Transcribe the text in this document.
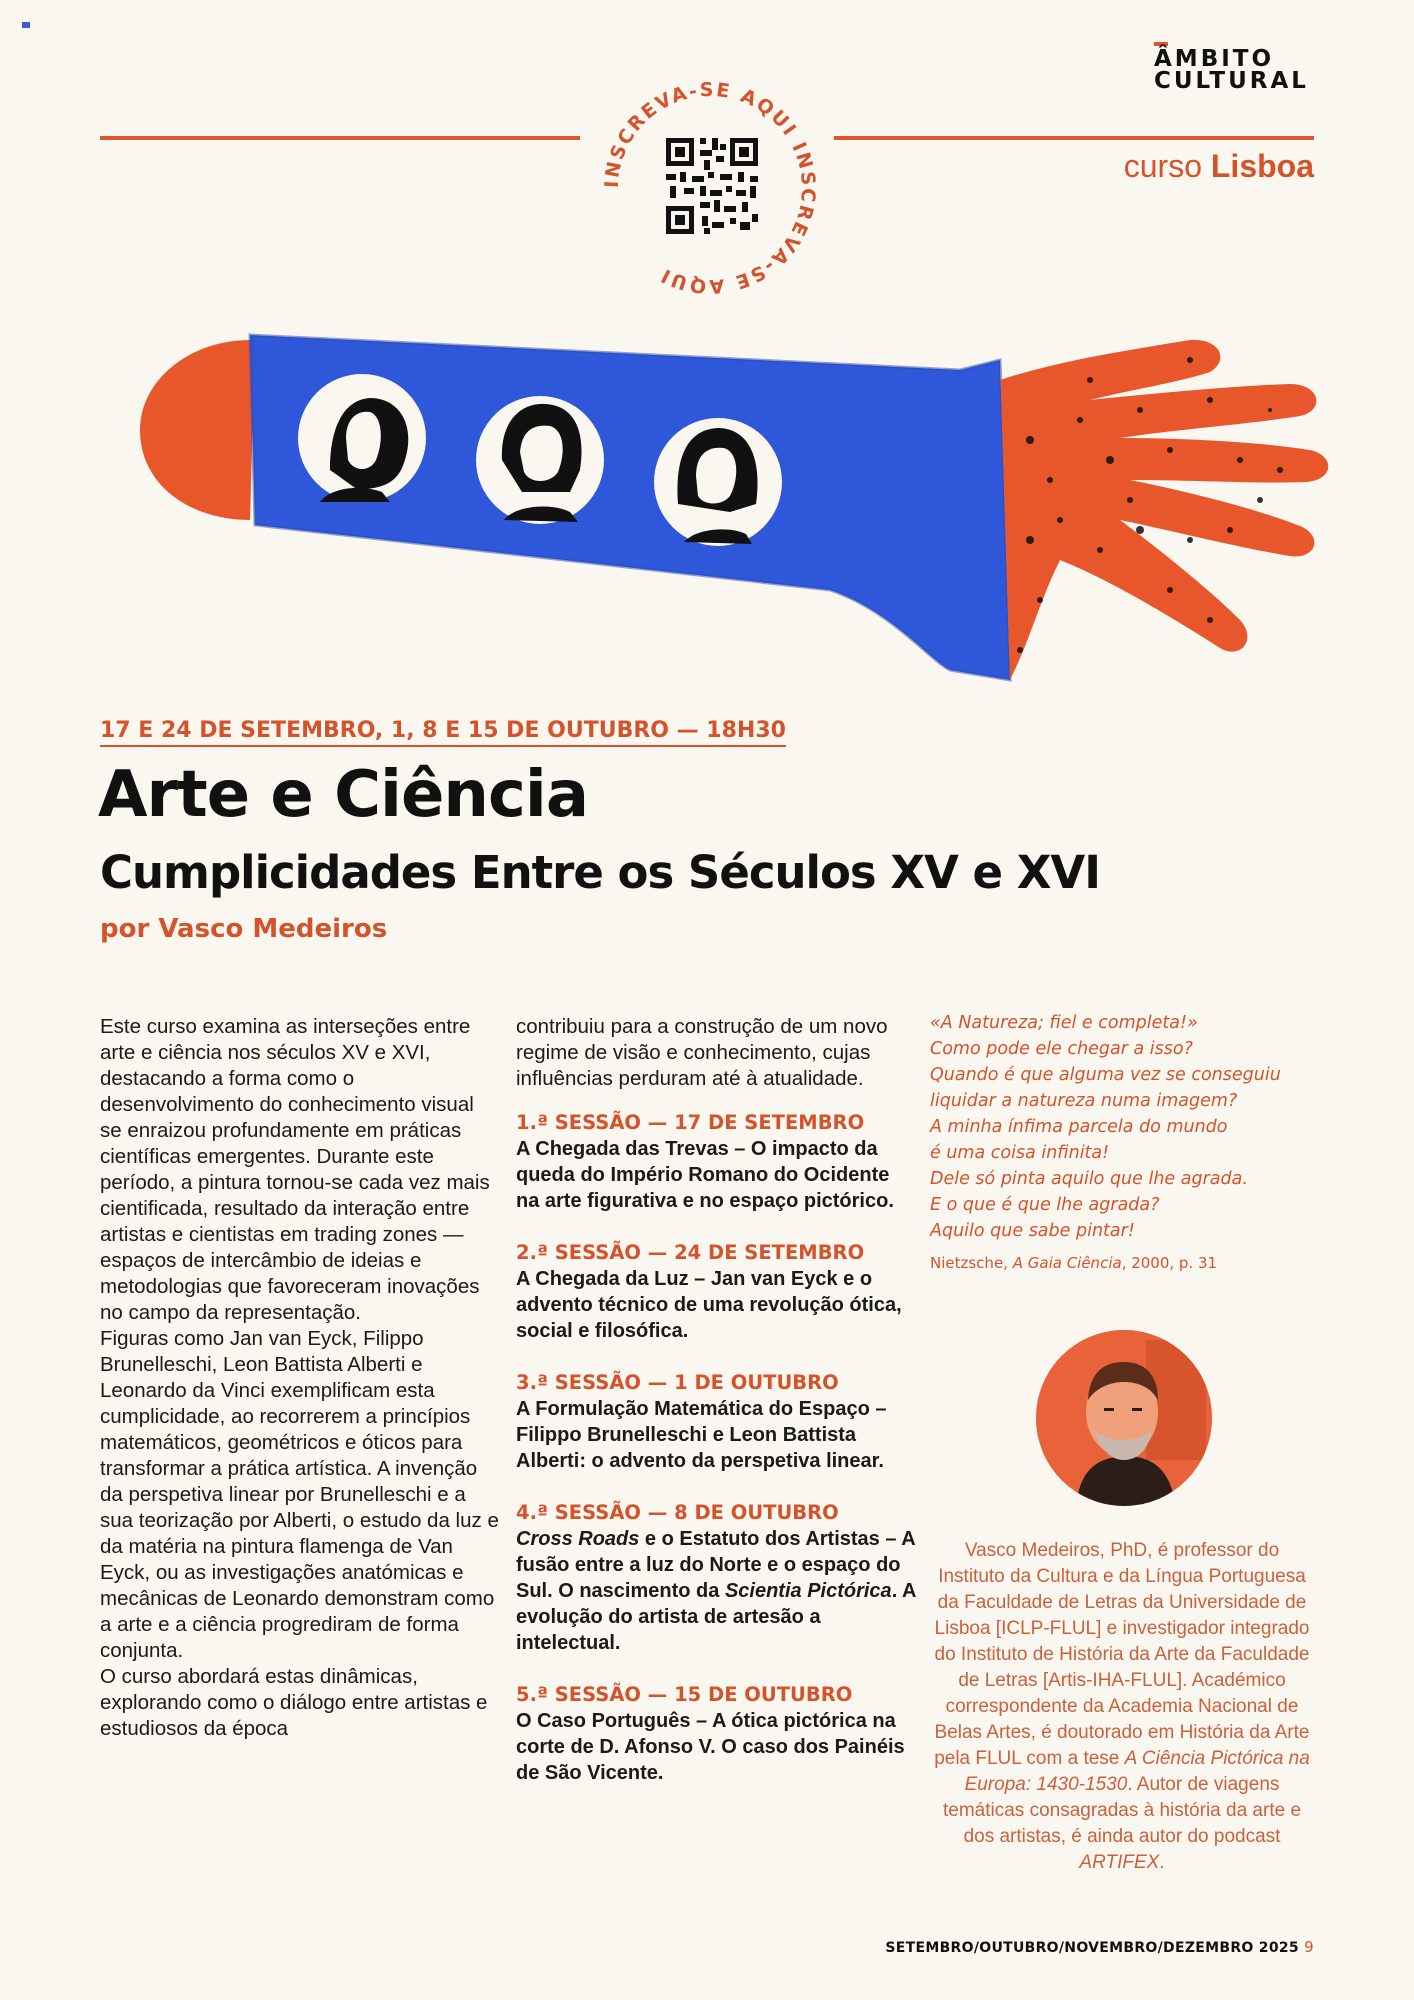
ÂMBITO
CULTURAL
curso Lisboa
INSCREVA-SE AQUI INSCREVA-SE AQUI
17 E 24 DE SETEMBRO, 1, 8 E 15 DE OUTUBRO — 18H30
Arte e Ciência
Cumplicidades Entre os Séculos XV e XVI
por Vasco Medeiros
Este curso examina as interseções entre arte e ciência nos séculos XV e XVI, destacando a forma como o desenvolvimento do conhecimento visual se enraizou profundamente em práticas científicas emergentes. Durante este período, a pintura tornou-se cada vez mais cientificada, resultado da interação entre artistas e cientistas em trading zones — espaços de intercâmbio de ideias e metodologias que favoreceram inovações no campo da representação.
Figuras como Jan van Eyck, Filippo Brunelleschi, Leon Battista Alberti e Leonardo da Vinci exemplificam esta cumplicidade, ao recorrerem a princípios matemáticos, geométricos e óticos para transformar a prática artística. A invenção da perspetiva linear por Brunelleschi e a sua teorização por Alberti, o estudo da luz e da matéria na pintura flamenga de Van Eyck, ou as investigações anatómicas e mecânicas de Leonardo demonstram como a arte e a ciência progrediram de forma conjunta.
O curso abordará estas dinâmicas, explorando como o diálogo entre artistas e estudiosos da época

contribuiu para a construção de um novo regime de visão e conhecimento, cujas influências perduram até à atualidade.

1.ª SESSÃO — 17 DE SETEMBRO
A Chegada das Trevas – O impacto da queda do Império Romano do Ocidente na arte figurativa e no espaço pictórico.
2.ª SESSÃO — 24 DE SETEMBRO
A Chegada da Luz – Jan van Eyck e o advento técnico de uma revolução ótica, social e filosófica.
3.ª SESSÃO — 1 DE OUTUBRO
A Formulação Matemática do Espaço – Filippo Brunelleschi e Leon Battista Alberti: o advento da perspetiva linear.
4.ª SESSÃO — 8 DE OUTUBRO
Cross Roads e o Estatuto dos Artistas – A fusão entre a luz do Norte e o espaço do Sul. O nascimento da Scientia Pictórica. A evolução do artista de artesão a intelectual.
5.ª SESSÃO — 15 DE OUTUBRO
O Caso Português – A ótica pictórica na corte de D. Afonso V. O caso dos Painéis de São Vicente.
«A Natureza; fiel e completa!»
Como pode ele chegar a isso?
Quando é que alguma vez se conseguiu
liquidar a natureza numa imagem?
A minha ínfima parcela do mundo
é uma coisa infinita!
Dele só pinta aquilo que lhe agrada.
E o que é que lhe agrada?
Aquilo que sabe pintar!
Nietzsche, A Gaia Ciência, 2000, p. 31
Vasco Medeiros, PhD, é professor do Instituto da Cultura e da Língua Portuguesa da Faculdade de Letras da Universidade de Lisboa [ICLP-FLUL] e investigador integrado do Instituto de História da Arte da Faculdade de Letras [Artis-IHA-FLUL]. Académico correspondente da Academia Nacional de Belas Artes, é doutorado em História da Arte pela FLUL com a tese A Ciência Pictórica na Europa: 1430-1530. Autor de viagens temáticas consagradas à história da arte e dos artistas, é ainda autor do podcast ARTIFEX.
SETEMBRO/OUTUBRO/NOVEMBRO/DEZEMBRO 2025 9
